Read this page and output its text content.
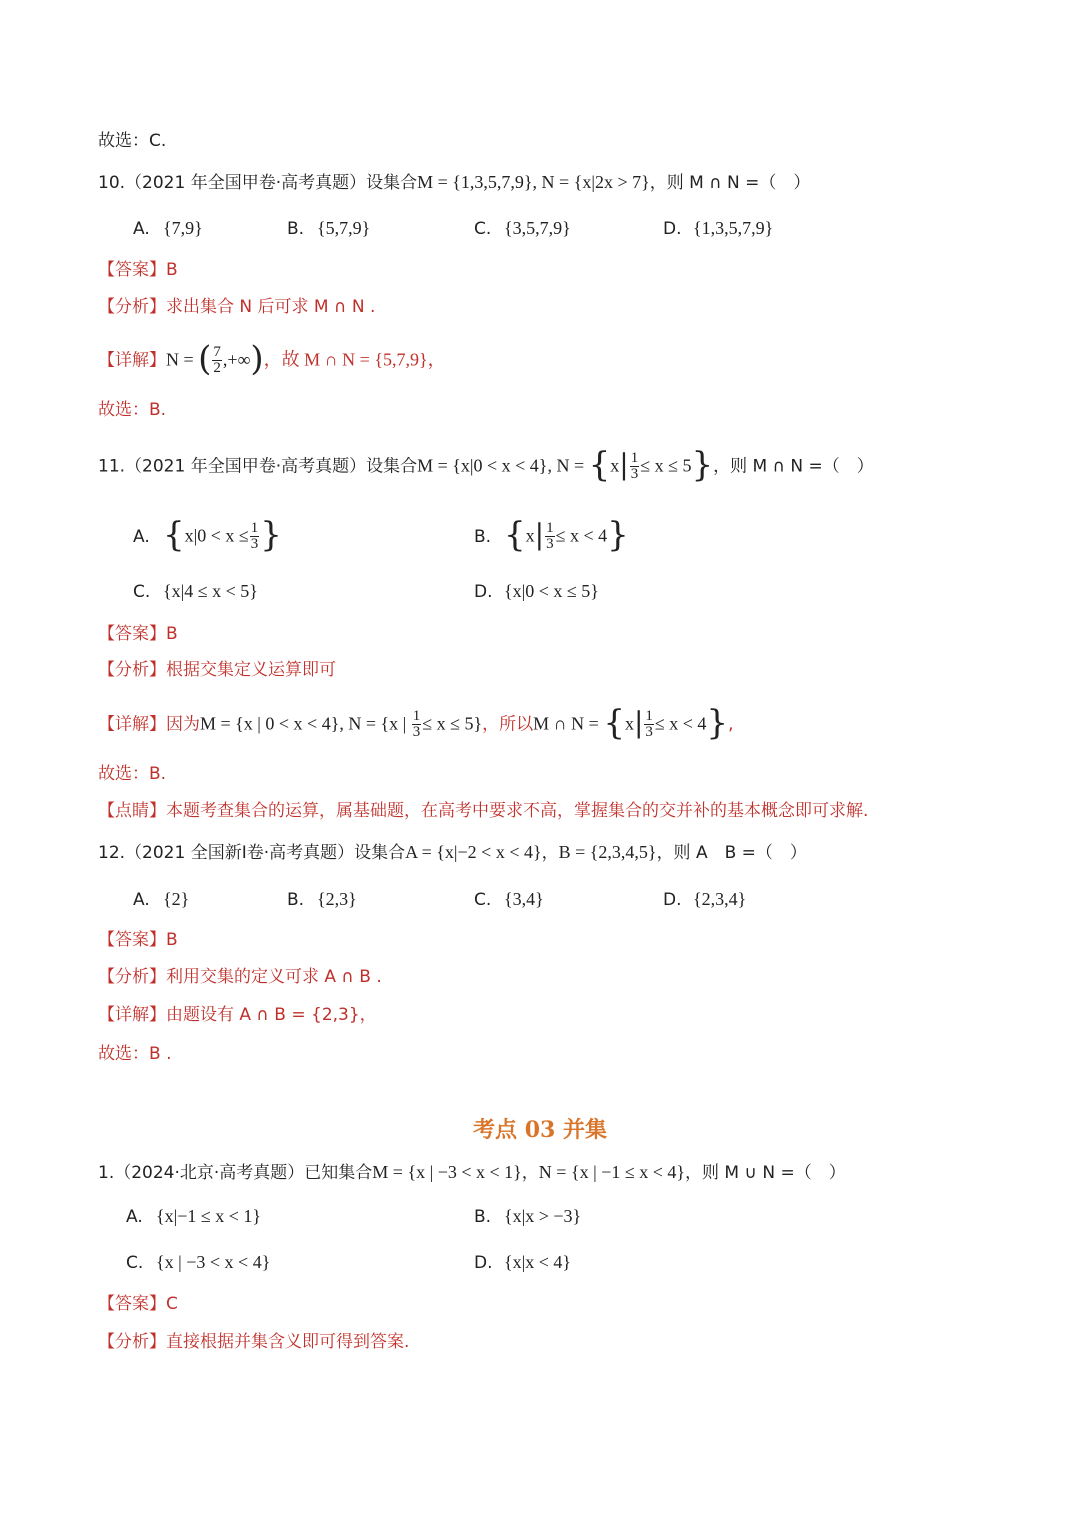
故选：C.
10.（2021 年全国甲卷·高考真题）设集合M = {1,3,5,7,9}, N = {x|2x > 7}，则 M ∩ N =（　）
A. {7,9}	B. {5,7,9}	C. {3,5,7,9}	D. {1,3,5,7,9}
【答案】B
【分析】求出集合 N 后可求 M ∩ N .
【详解】N = ( $\frac{7}{2}$ ,+∞)，故 M ∩ N = {5,7,9}，
故选：B.
11.（2021 年全国甲卷·高考真题）设集合M = {x|0 < x < 4}, $N = \{x| \frac{1}{3} \le x \le 5\}$，则 M ∩ N =（　）
A. {$x|0 < x \le \frac{1}{3}$ }	B. $\{x| \frac{1}{3} \le x < 4\}$
C. {x|4 ≤ x < 5}	D. {x|0 < x ≤ 5}
【答案】B
【分析】根据交集定义运算即可
【详解】因为M = {x | 0 < x < 4}, N = {x | $\frac{1}{3} \le x \le 5$}，所以M ∩ $N = \{x| \frac{1}{3} \le x < 4\}$,
故选：B.
【点睛】本题考查集合的运算，属基础题，在高考中要求不高，掌握集合的交并补的基本概念即可求解.
12.（2021 全国新Ⅰ卷·高考真题）设集合A = {x|−2 < x < 4}，B = {2,3,4,5}，则 A　B =（　）
A. {2}	B. {2,3}	C. {3,4}	D. {2,3,4}
【答案】B
【分析】利用交集的定义可求 A ∩ B .
【详解】由题设有 A ∩ B = {2,3}，
故选：B .
考点 03 并集
1.（2024·北京·高考真题）已知集合M = {x | −3 < x < 1}，N = {x | −1 ≤ x < 4}，则 M ∪ N =（　）
A. {x|−1 ≤ x < 1}	B. {x|x > −3}
C. {x | −3 < x < 4}	D. {x|x < 4}
【答案】C
【分析】直接根据并集含义即可得到答案.
